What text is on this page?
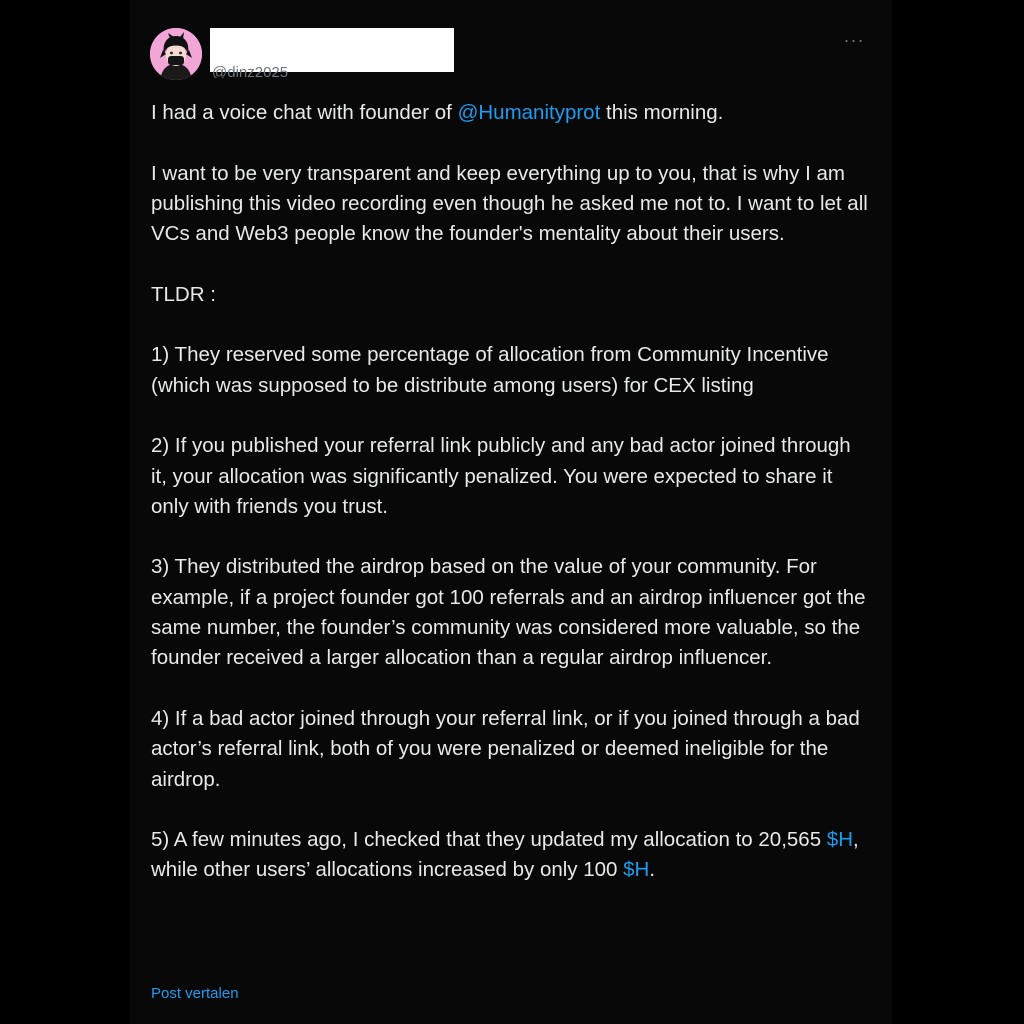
@dinz2025
···

I had a voice chat with founder of @Humanityprot this morning.

I want to be very transparent and keep everything up to you, that is why I am publishing this video recording even though he asked me not to. I want to let all VCs and Web3 people know the founder's mentality about their users.

TLDR :

1) They reserved some percentage of allocation from Community Incentive (which was supposed to be distribute among users) for CEX listing

2) If you published your referral link publicly and any bad actor joined through it, your allocation was significantly penalized. You were expected to share it only with friends you trust.

3) They distributed the airdrop based on the value of your community. For example, if a project founder got 100 referrals and an airdrop influencer got the same number, the founder’s community was considered more valuable, so the founder received a larger allocation than a regular airdrop influencer.

4) If a bad actor joined through your referral link, or if you joined through a bad actor’s referral link, both of you were penalized or deemed ineligible for the airdrop.

5) A few minutes ago, I checked that they updated my allocation to 20,565 $H, while other users’ allocations increased by only 100 $H.

Post vertalen
